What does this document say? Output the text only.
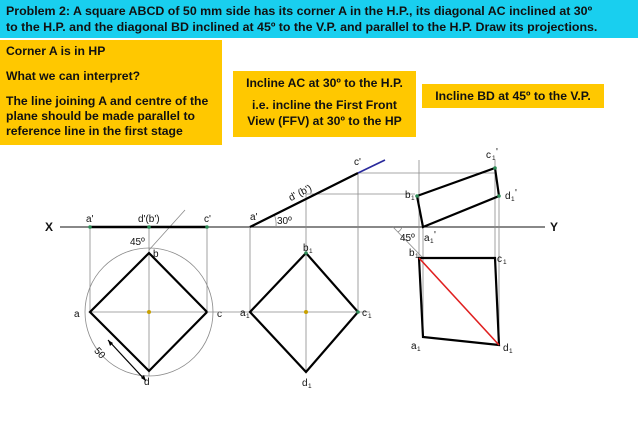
Problem 2: A square ABCD of 50 mm side has its corner A in the H.P., its diagonal AC inclined at 30º
to the H.P. and the diagonal BD inclined at 45º to the V.P. and parallel to the H.P. Draw its projections.

Corner A is in HP

What we can interpret?

The line joining A and centre of the plane should be made parallel to reference line in the first stage

Incline AC at 30º to the H.P.
i.e. incline the First Front View (FFV) at 30º to the HP
Incline BD at 45º to the V.P.
X	Y
50
a'	d'(b')	c'
45º
b
a	c
d
a' 30º
d' (b')
c'
b 1
a 1	c 1
d 1
b 1
c 1
'
d 1
'
45º a 1
'
b 1	c 1
a 1	d 1
